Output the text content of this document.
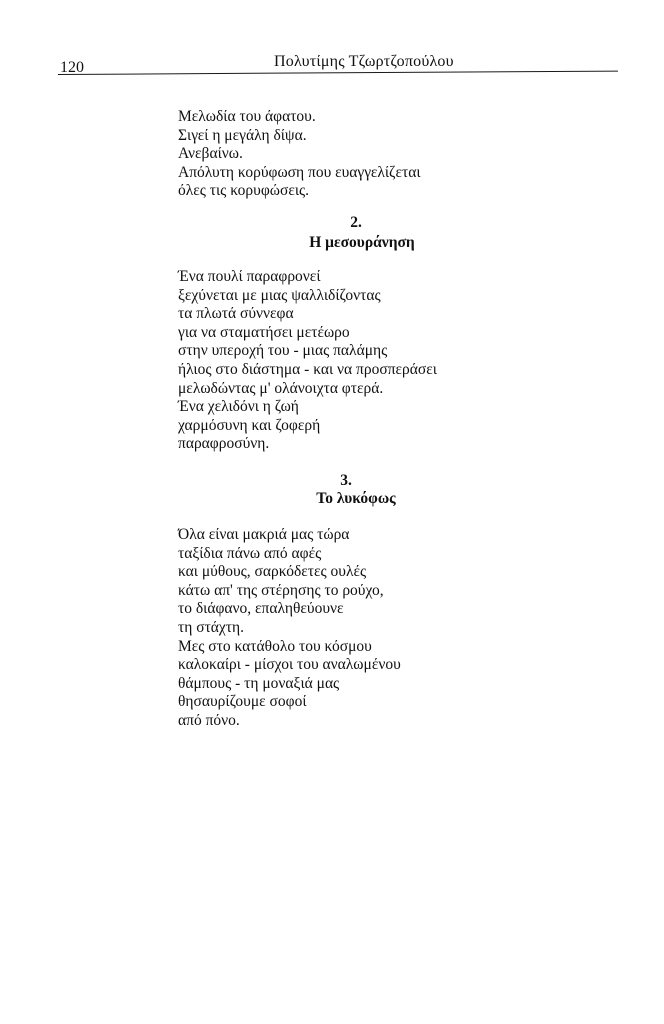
120	Πολυτίμης Τζωρτζοπούλου
Μελωδία του άφατου.
Σιγεί η μεγάλη δίψα.
Ανεβαίνω.
Απόλυτη κορύφωση που ευαγγελίζεται
όλες τις κορυφώσεις.
2.
Η μεσουράνηση
Ένα πουλί παραφρονεί
ξεχύνεται με μιας ψαλλιδίζοντας
τα πλωτά σύννεφα
για να σταματήσει μετέωρο
στην υπεροχή του - μιας παλάμης
ήλιος στο διάστημα - και να προσπεράσει
μελωδώντας μ' ολάνοιχτα φτερά.
Ένα χελιδόνι η ζωή
χαρμόσυνη και ζοφερή
παραφροσύνη.
3.
Το λυκόφως
Όλα είναι μακριά μας τώρα
ταξίδια πάνω από αφές
και μύθους, σαρκόδετες ουλές
κάτω απ' της στέρησης το ρούχο,
το διάφανο, επαληθεύουνε
τη στάχτη.
Μες στο κατάθολο του κόσμου
καλοκαίρι - μίσχοι του αναλωμένου
θάμπους - τη μοναξιά μας
θησαυρίζουμε σοφοί
από πόνο.
